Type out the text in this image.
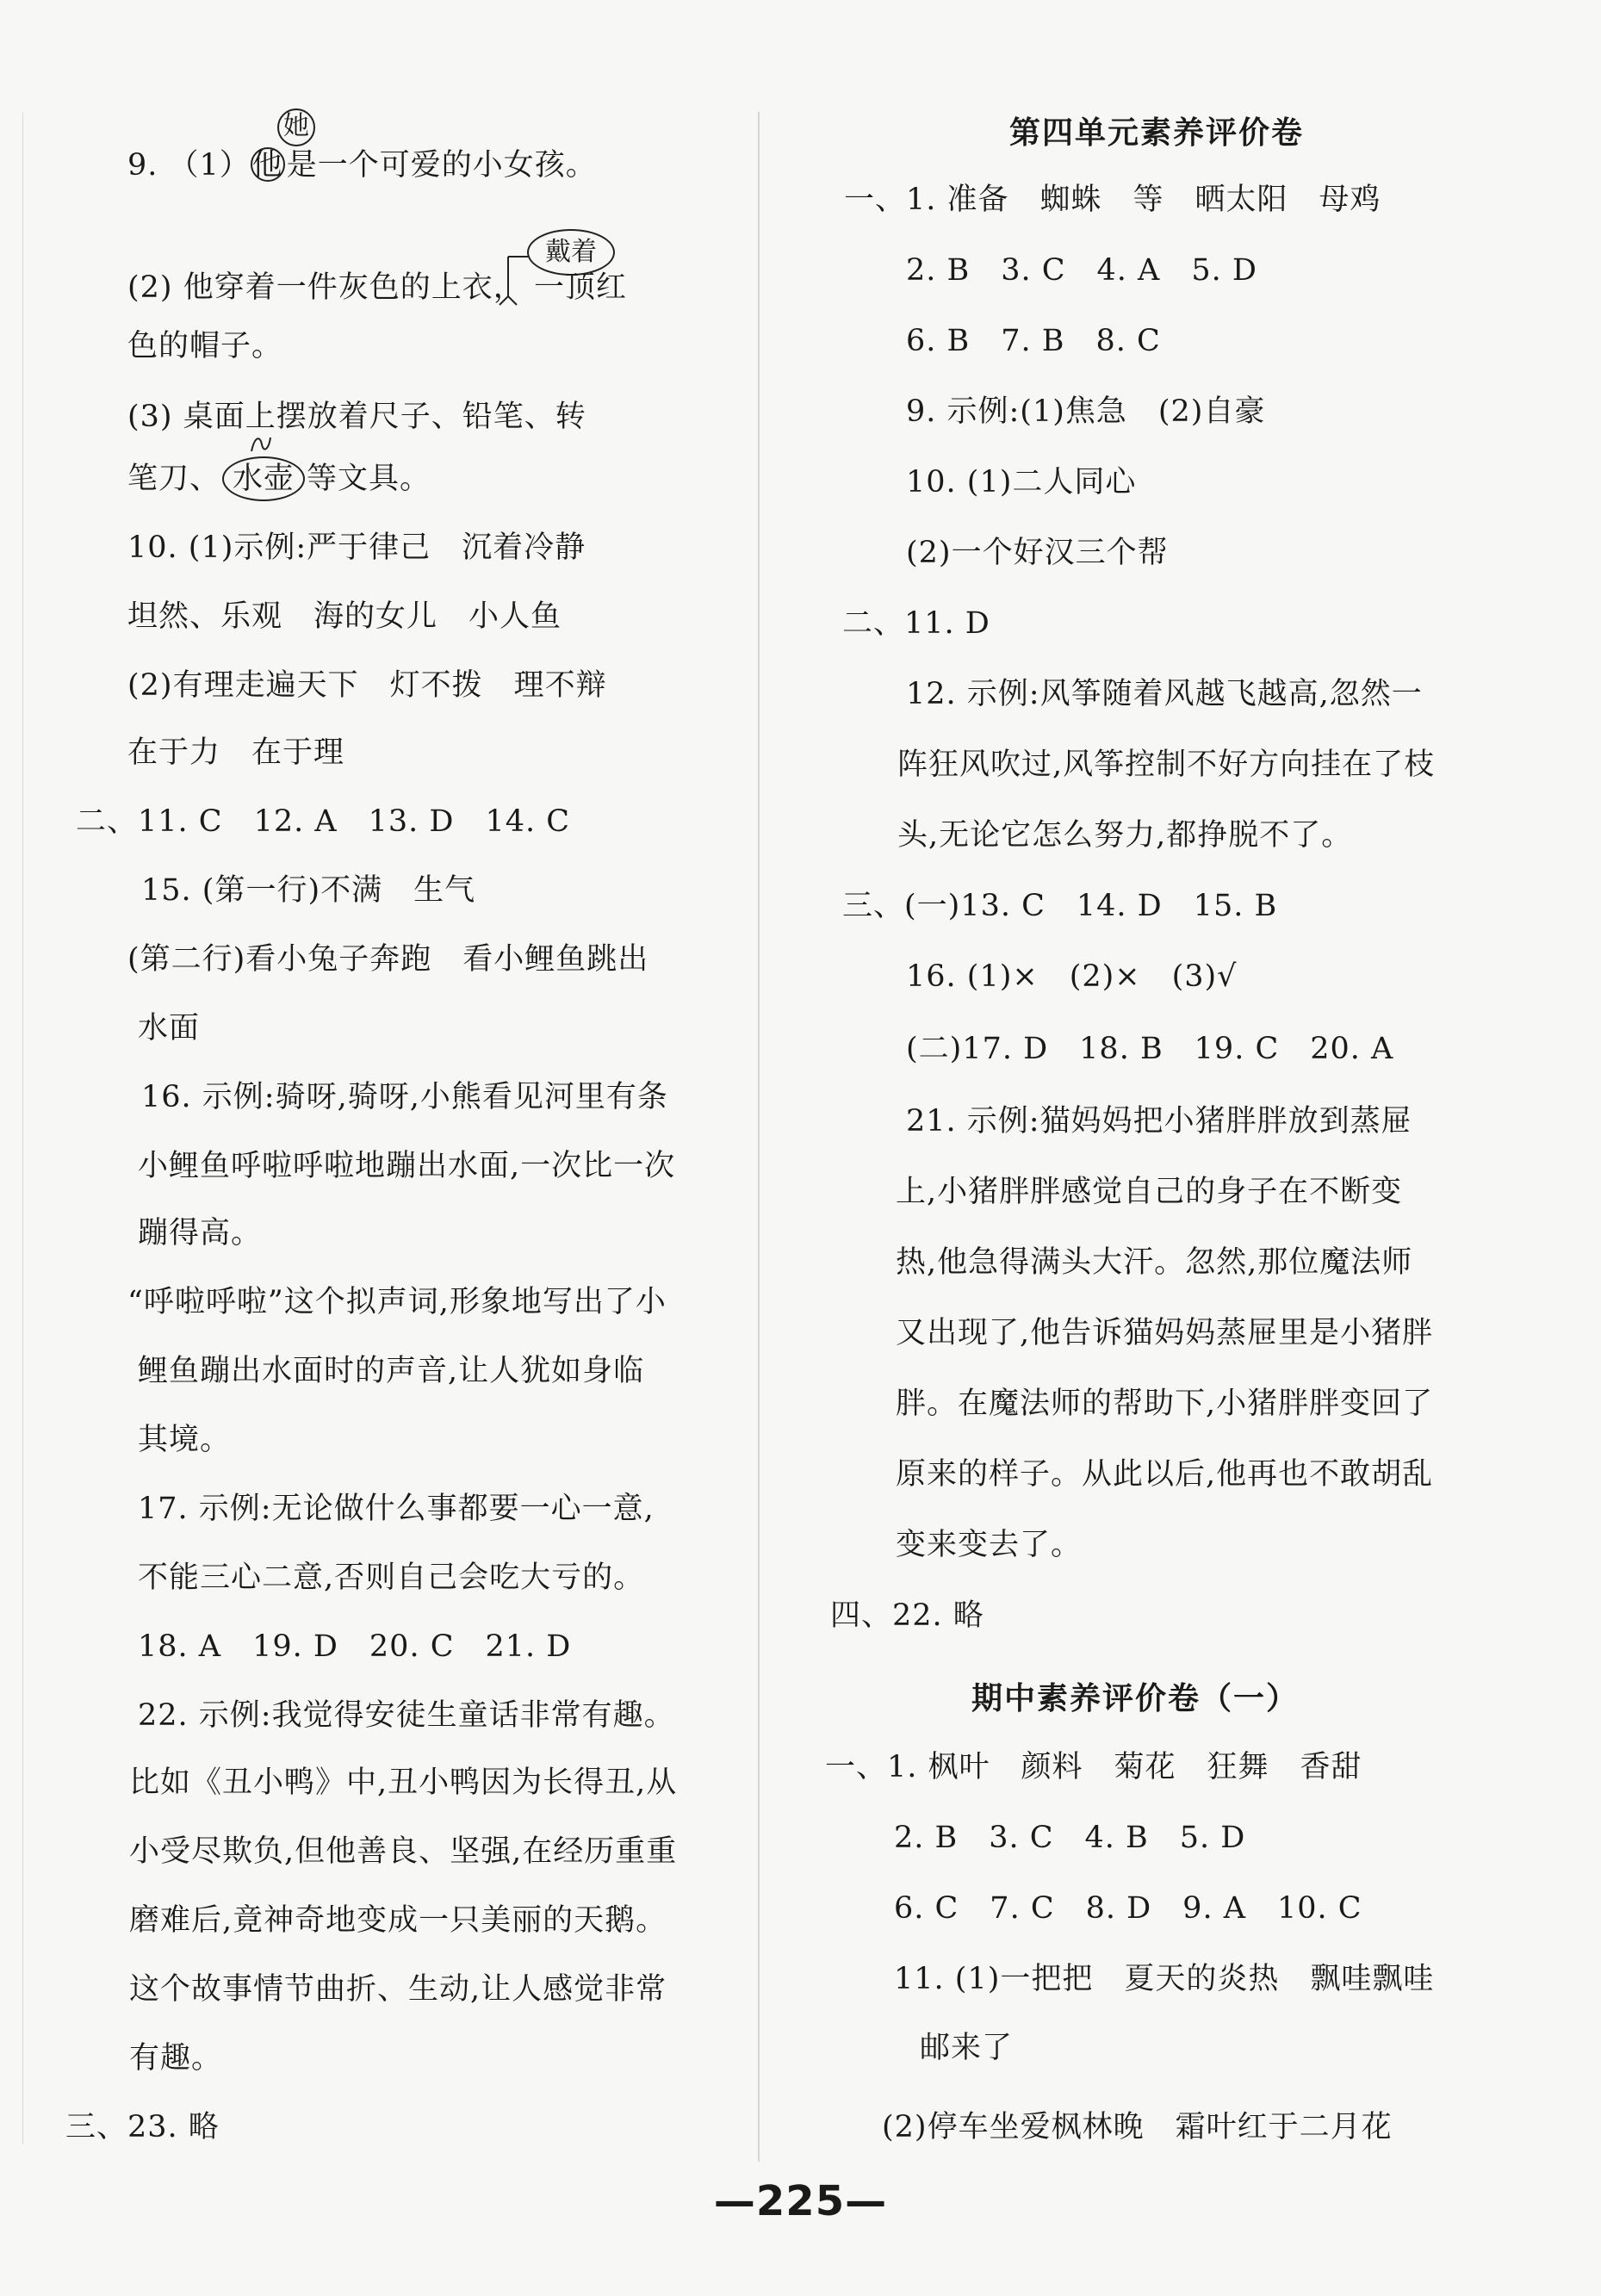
她
9. （1）他 是一个可爱的小女孩。
戴着
(2) 他穿着一件灰色的上衣， 一顶红
色的帽子。
(3) 桌面上摆放着尺子、铅笔、转
笔刀、 水壶 等文具。
10. (1)示例:严于律己　沉着冷静
坦然、乐观　海的女儿　小人鱼
(2)有理走遍天下　灯不拨　理不辩
在于力　在于理
二、11. C　12. A　13. D　14. C
15. (第一行)不满　生气
(第二行)看小兔子奔跑　看小鲤鱼跳出
水面
16. 示例:骑呀,骑呀,小熊看见河里有条
小鲤鱼呼啦呼啦地蹦出水面,一次比一次
蹦得高。
“呼啦呼啦”这个拟声词,形象地写出了小
鲤鱼蹦出水面时的声音,让人犹如身临
其境。
17. 示例:无论做什么事都要一心一意,
不能三心二意,否则自己会吃大亏的。
18. A　19. D　20. C　21. D
22. 示例:我觉得安徒生童话非常有趣。
比如《丑小鸭》中,丑小鸭因为长得丑,从
小受尽欺负,但他善良、坚强,在经历重重
磨难后,竟神奇地变成一只美丽的天鹅。
这个故事情节曲折、生动,让人感觉非常
有趣。
三、23. 略
第四单元素养评价卷
一、1. 准备　蜘蛛　等　晒太阳　母鸡
2. B　3. C　4. A　5. D
6. B　7. B　8. C
9. 示例:(1)焦急　(2)自豪
10. (1)二人同心
(2)一个好汉三个帮
二、11. D
12. 示例:风筝随着风越飞越高,忽然一
阵狂风吹过,风筝控制不好方向挂在了枝
头,无论它怎么努力,都挣脱不了。
三、(一)13. C　14. D　15. B
16. (1)×　(2)×　(3)√
(二)17. D　18. B　19. C　20. A
21. 示例:猫妈妈把小猪胖胖放到蒸屉
上,小猪胖胖感觉自己的身子在不断变
热,他急得满头大汗。忽然,那位魔法师
又出现了,他告诉猫妈妈蒸屉里是小猪胖
胖。在魔法师的帮助下,小猪胖胖变回了
原来的样子。从此以后,他再也不敢胡乱
变来变去了。
四、22. 略
期中素养评价卷（一）
一、1. 枫叶　颜料　菊花　狂舞　香甜
2. B　3. C　4. B　5. D
6. C　7. C　8. D　9. A　10. C
11. (1)一把把　夏天的炎热　飘哇飘哇
邮来了
(2)停车坐爱枫林晚　霜叶红于二月花
—225—
